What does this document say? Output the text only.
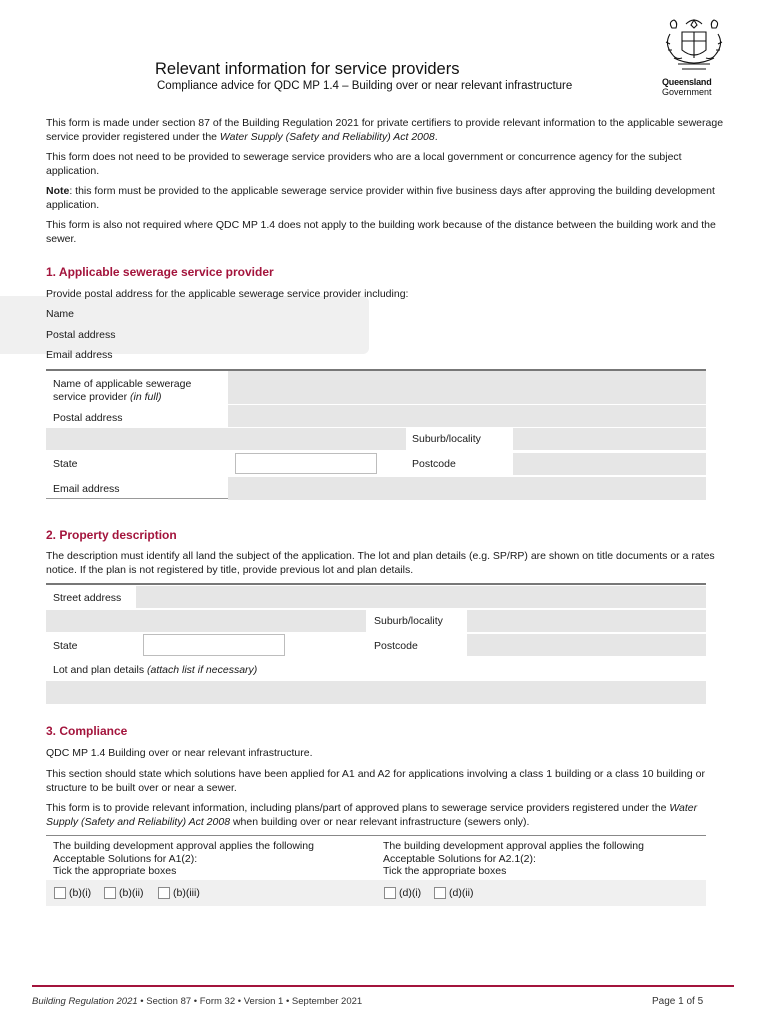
Queensland
Government
Relevant information for service providers
Compliance advice for QDC MP 1.4 – Building over or near relevant infrastructure
This form is made under section 87 of the Building Regulation 2021 for private certifiers to provide relevant information to the applicable sewerage service provider registered under the Water Supply (Safety and Reliability) Act 2008.
This form does not need to be provided to sewerage service providers who are a local government or concurrence agency for the subject application.
Note: this form must be provided to the applicable sewerage service provider within five business days after approving the building development application.
This form is also not required where QDC MP 1.4 does not apply to the building work because of the distance between the building work and the sewer.
1. Applicable sewerage service provider
Provide postal address for the applicable sewerage service provider including:
Name
Postal address
Email address
Name of applicable sewerage service provider (in full)
Postal address
Suburb/locality
State	Postcode
Email address
2. Property description
The description must identify all land the subject of the application. The lot and plan details (e.g. SP/RP) are shown on title documents or a rates notice. If the plan is not registered by title, provide previous lot and plan details.
Street address
Suburb/locality
State	Postcode
Lot and plan details (attach list if necessary)
3. Compliance
QDC MP 1.4 Building over or near relevant infrastructure.
This section should state which solutions have been applied for A1 and A2 for applications involving a class 1 building or a class 10 building or structure to be built over or near a sewer.
This form is to provide relevant information, including plans/part of approved plans to sewerage service providers registered under the Water Supply (Safety and Reliability) Act 2008 when building over or near relevant infrastructure (sewers only).
The building development approval applies the following
Acceptable Solutions for A1(2):
Tick the appropriate boxes
The building development approval applies the following
Acceptable Solutions for A2.1(2):
Tick the appropriate boxes
(b)(i)	(b)(ii)	(b)(iii)	(d)(i)	(d)(ii)
Building Regulation 2021 • Section 87 • Form 32 • Version 1 • September 2021	Page 1 of 5
